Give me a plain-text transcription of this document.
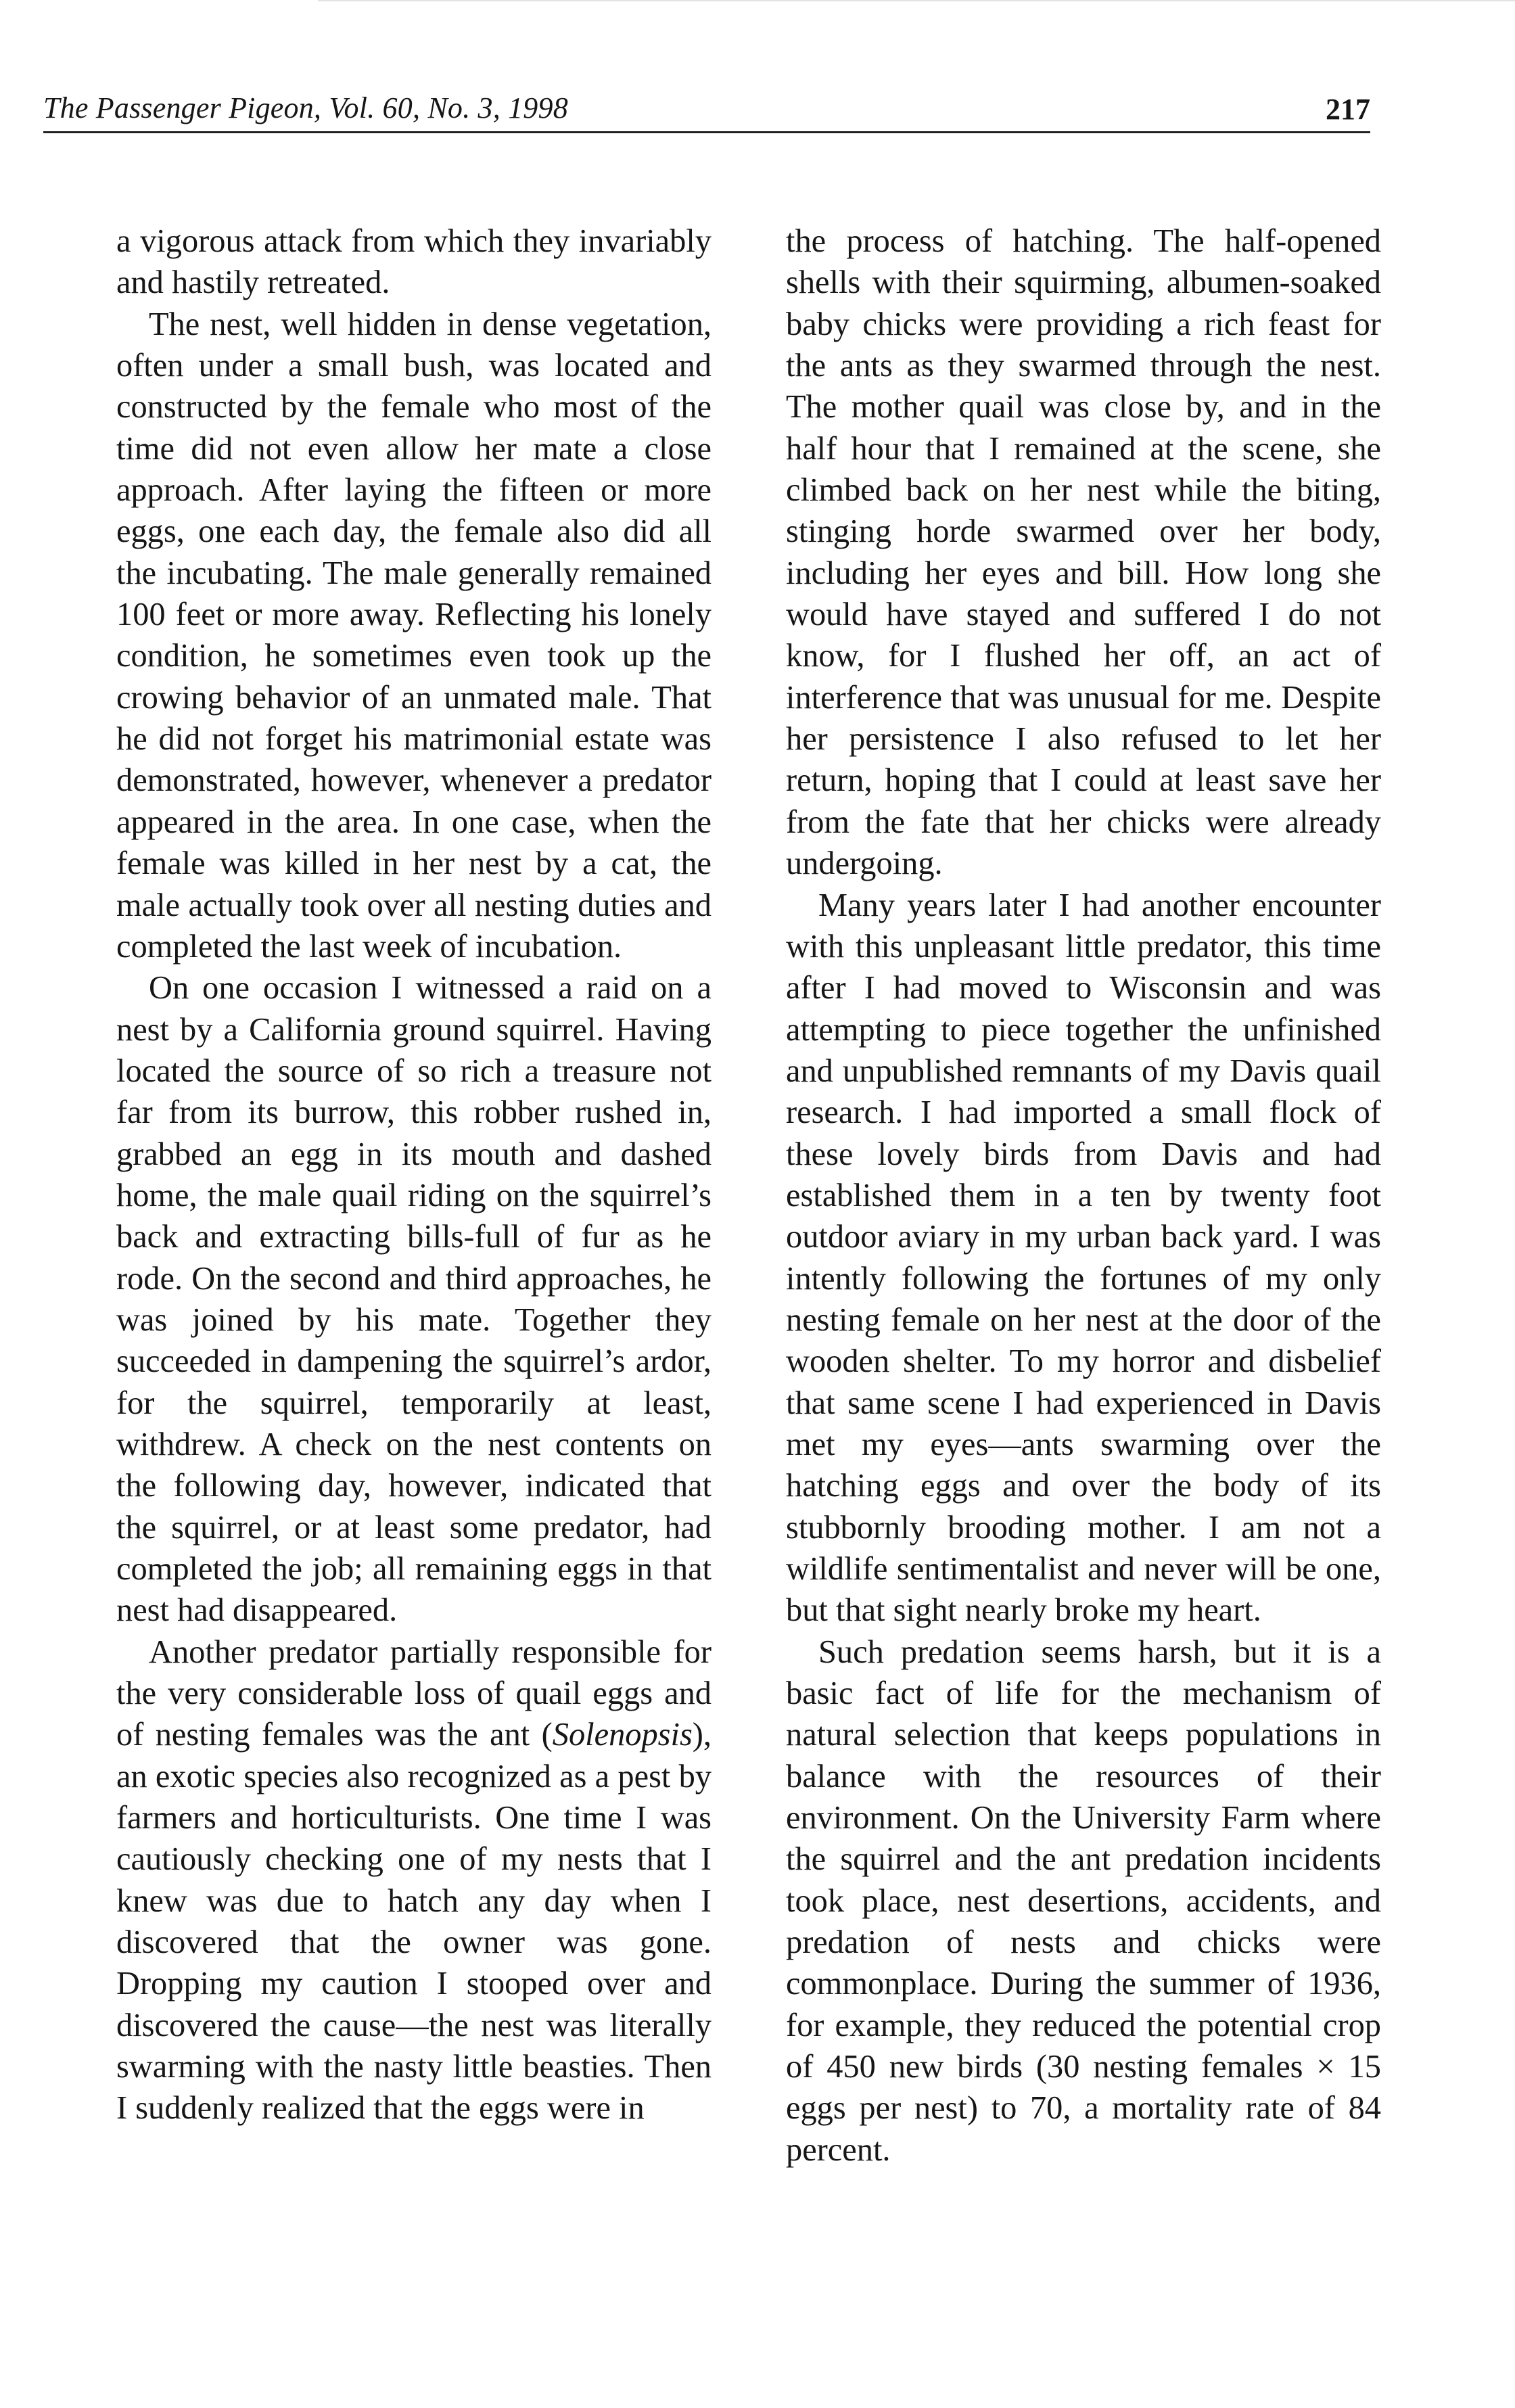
The Passenger Pigeon, Vol. 60, No. 3, 1998	217

a vigorous attack from which they invariably and hastily retreated.

The nest, well hidden in dense vegetation, often under a small bush, was located and constructed by the female who most of the time did not even allow her mate a close approach. After laying the fifteen or more eggs, one each day, the female also did all the incubating. The male generally remained 100 feet or more away. Reflecting his lonely condition, he sometimes even took up the crowing behavior of an unmated male. That he did not forget his matrimonial estate was demonstrated, however, whenever a predator appeared in the area. In one case, when the female was killed in her nest by a cat, the male actually took over all nesting duties and completed the last week of incubation.

On one occasion I witnessed a raid on a nest by a California ground squirrel. Having located the source of so rich a treasure not far from its burrow, this robber rushed in, grabbed an egg in its mouth and dashed home, the male quail riding on the squirrel’s back and extracting bills-full of fur as he rode. On the second and third approaches, he was joined by his mate. Together they succeeded in dampening the squirrel’s ardor, for the squirrel, temporarily at least, withdrew. A check on the nest contents on the following day, however, indicated that the squirrel, or at least some predator, had completed the job; all remaining eggs in that nest had disappeared.

Another predator partially responsible for the very considerable loss of quail eggs and of nesting females was the ant (Solenopsis), an exotic species also recognized as a pest by farmers and horticulturists. One time I was cautiously checking one of my nests that I knew was due to hatch any day when I discovered that the owner was gone. Dropping my caution I stooped over and discovered the cause—the nest was literally swarming with the nasty little beasties. Then I suddenly realized that the eggs were in

the process of hatching. The half-opened shells with their squirming, albumen-soaked baby chicks were providing a rich feast for the ants as they swarmed through the nest. The mother quail was close by, and in the half hour that I remained at the scene, she climbed back on her nest while the biting, stinging horde swarmed over her body, including her eyes and bill. How long she would have stayed and suffered I do not know, for I flushed her off, an act of interference that was unusual for me. Despite her persistence I also refused to let her return, hoping that I could at least save her from the fate that her chicks were already undergoing.

Many years later I had another encounter with this unpleasant little predator, this time after I had moved to Wisconsin and was attempting to piece together the unfinished and unpublished remnants of my Davis quail research. I had imported a small flock of these lovely birds from Davis and had established them in a ten by twenty foot outdoor aviary in my urban back yard. I was intently following the fortunes of my only nesting female on her nest at the door of the wooden shelter. To my horror and disbelief that same scene I had experienced in Davis met my eyes—ants swarming over the hatching eggs and over the body of its stubbornly brooding mother. I am not a wildlife sentimentalist and never will be one, but that sight nearly broke my heart.

Such predation seems harsh, but it is a basic fact of life for the mechanism of natural selection that keeps populations in balance with the resources of their environment. On the University Farm where the squirrel and the ant predation incidents took place, nest desertions, accidents, and predation of nests and chicks were commonplace. During the summer of 1936, for example, they reduced the potential crop of 450 new birds (30 nesting females × 15 eggs per nest) to 70, a mortality rate of 84 percent.
